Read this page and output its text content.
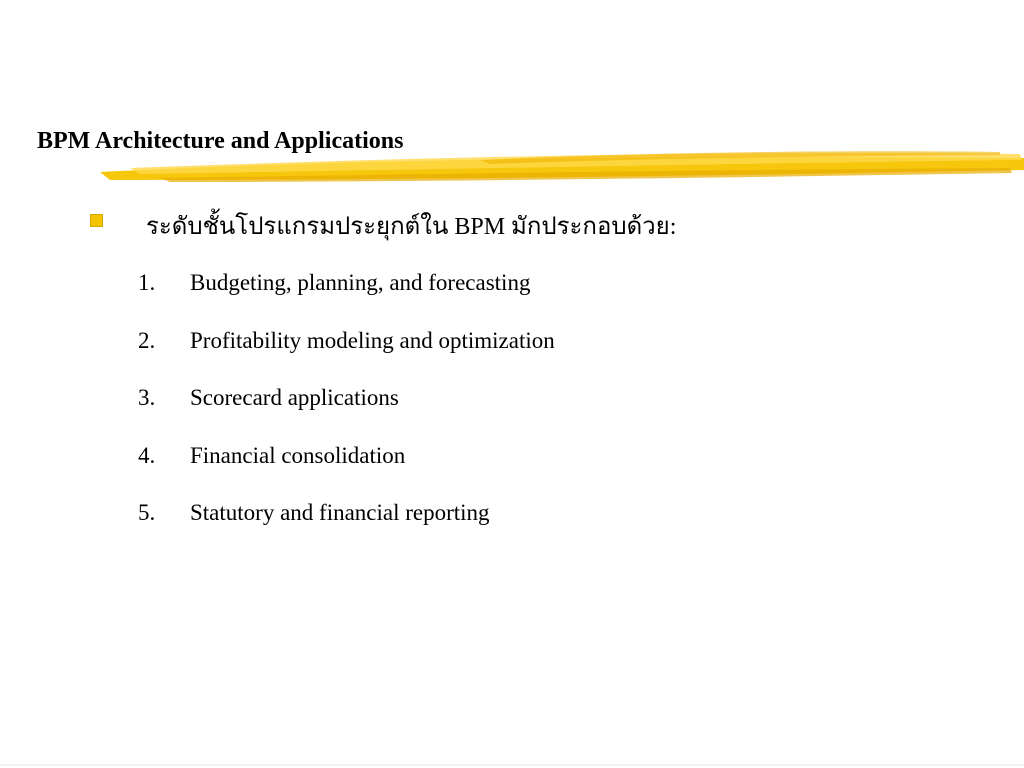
BPM Architecture and Applications
ระดับชั้นโปรแกรมประยุกต์ใน BPM มักประกอบด้วย:
1.	Budgeting, planning, and forecasting
2.	Profitability modeling and optimization
3.	Scorecard applications
4.	Financial consolidation
5.	Statutory and financial reporting
